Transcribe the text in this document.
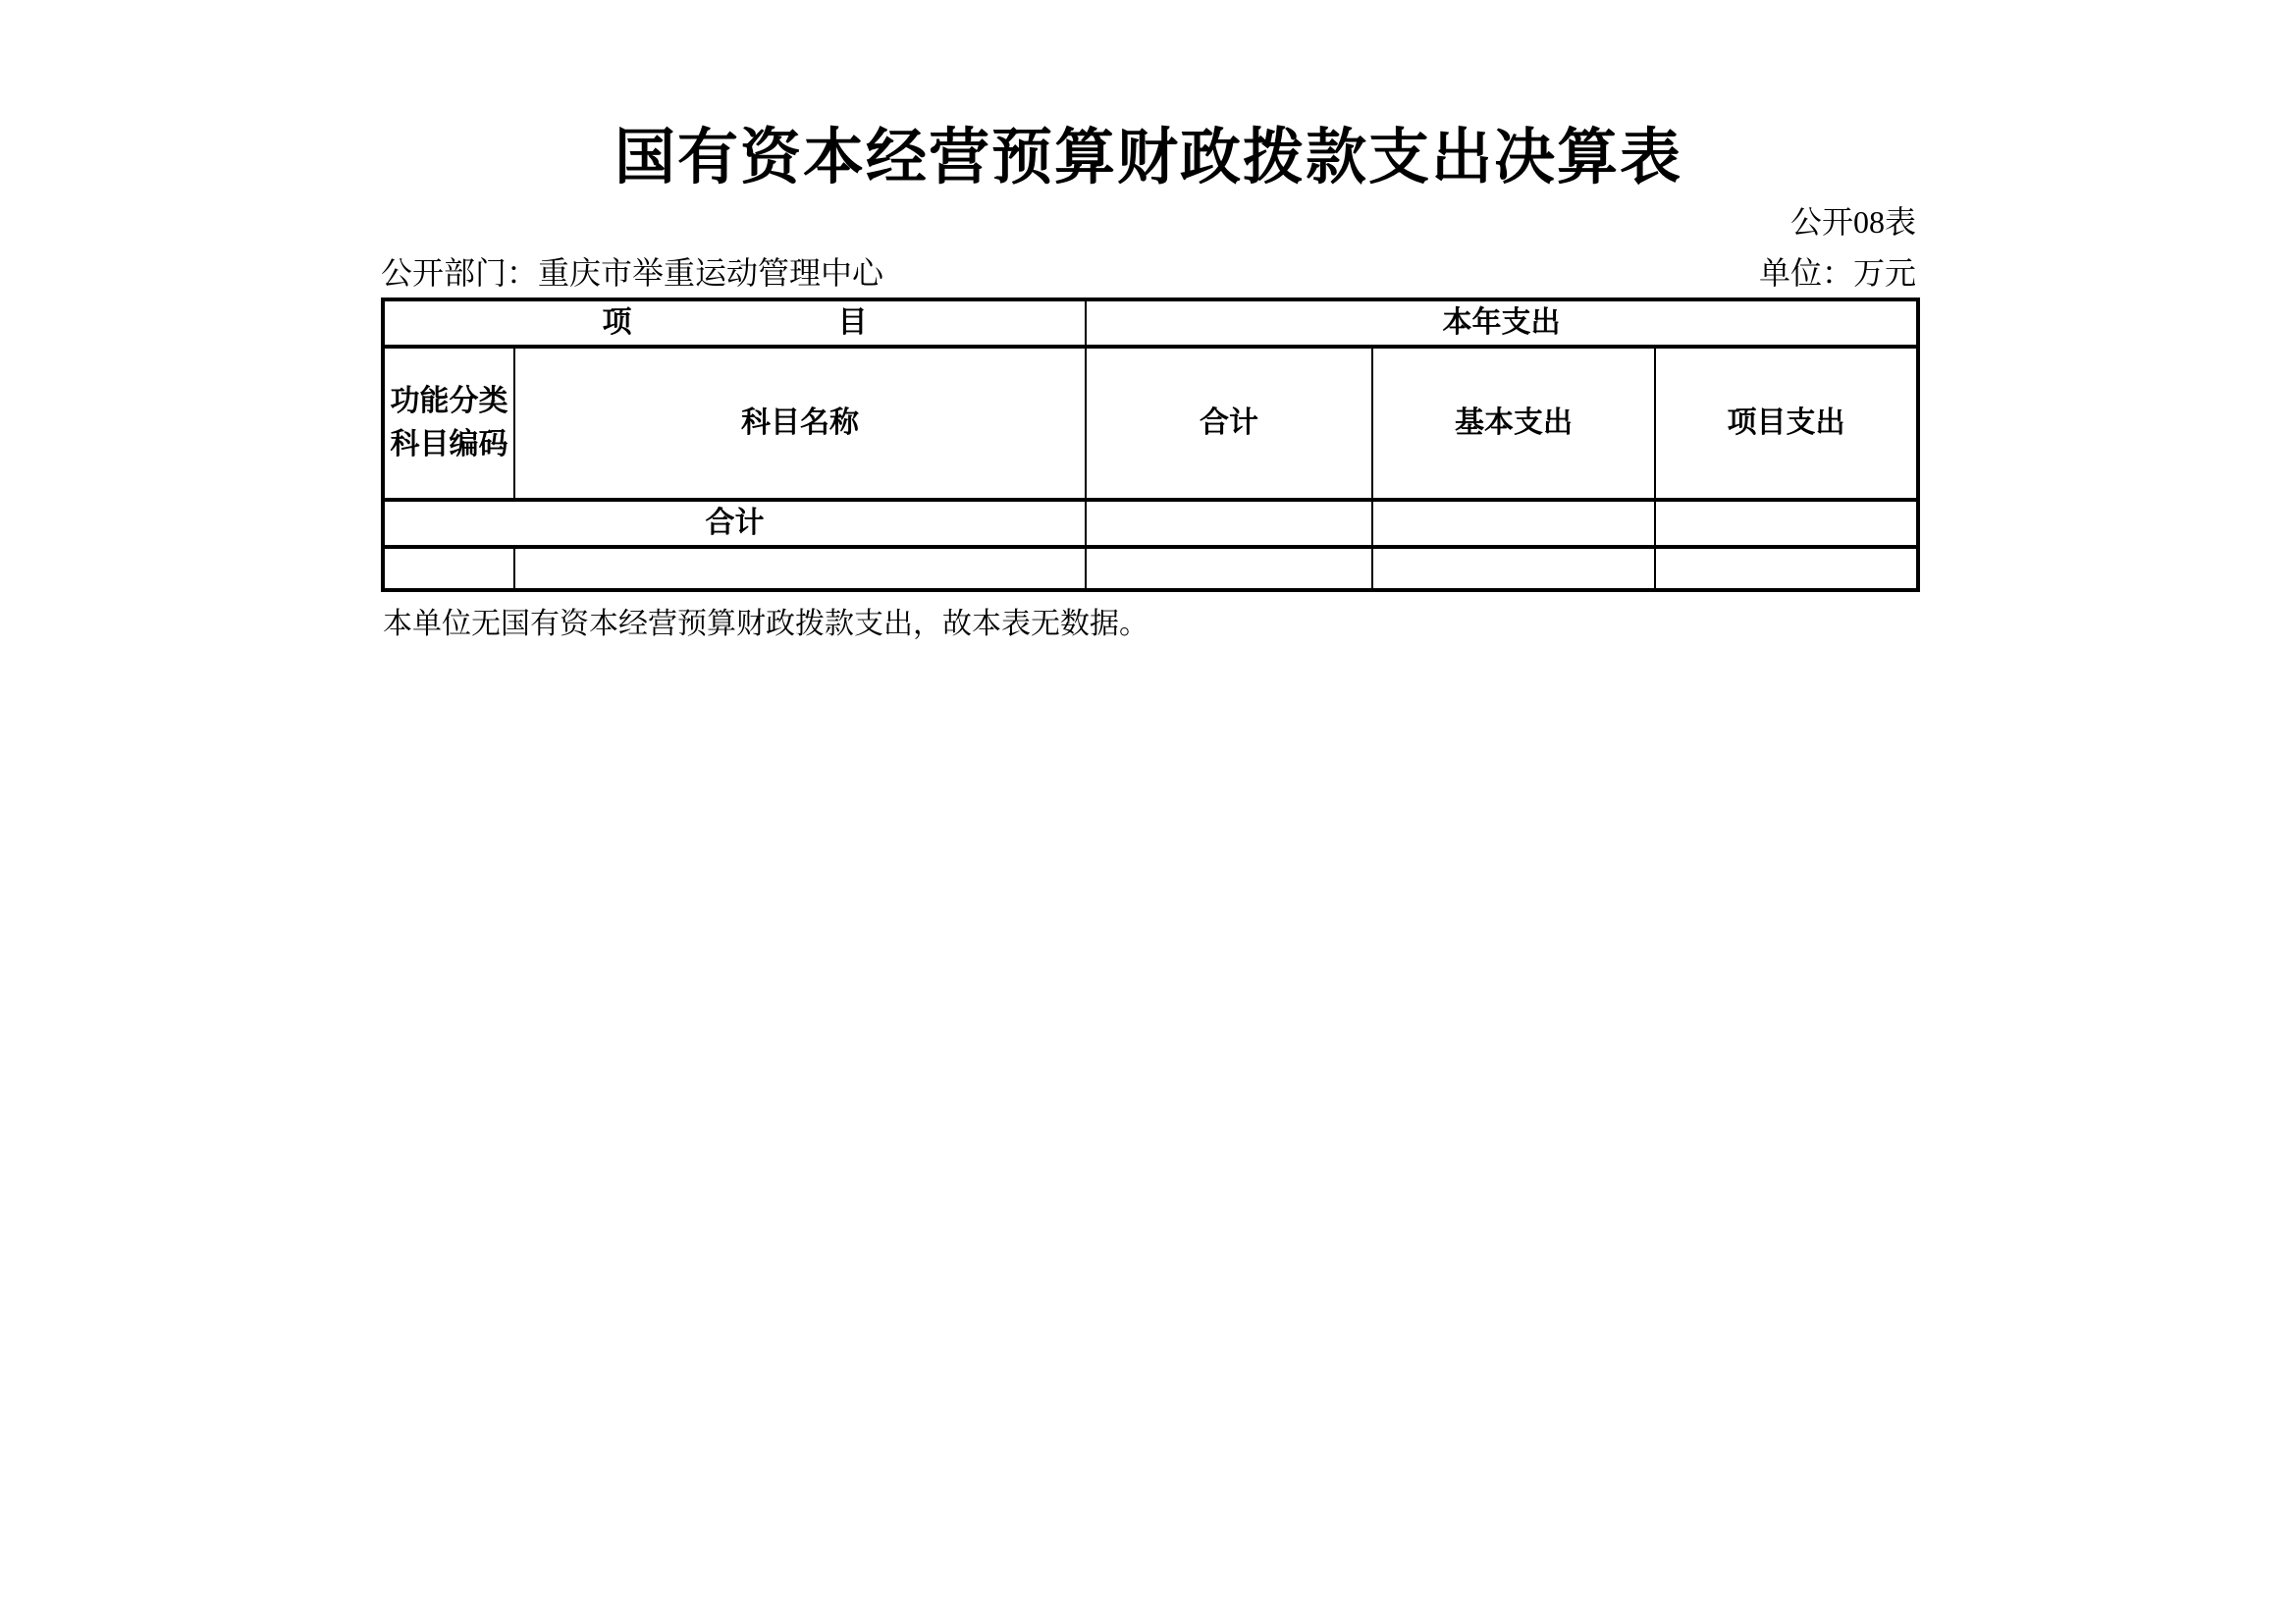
国有资本经营预算财政拨款支出决算表
公开08表
公开部门：重庆市举重运动管理中心	单位：万元
项　　　　　　　目		本年支出		
功能分类科目编码	科目名称	合计	基本支出	项目支出
合计				

本单位无国有资本经营预算财政拨款支出，故本表无数据。
